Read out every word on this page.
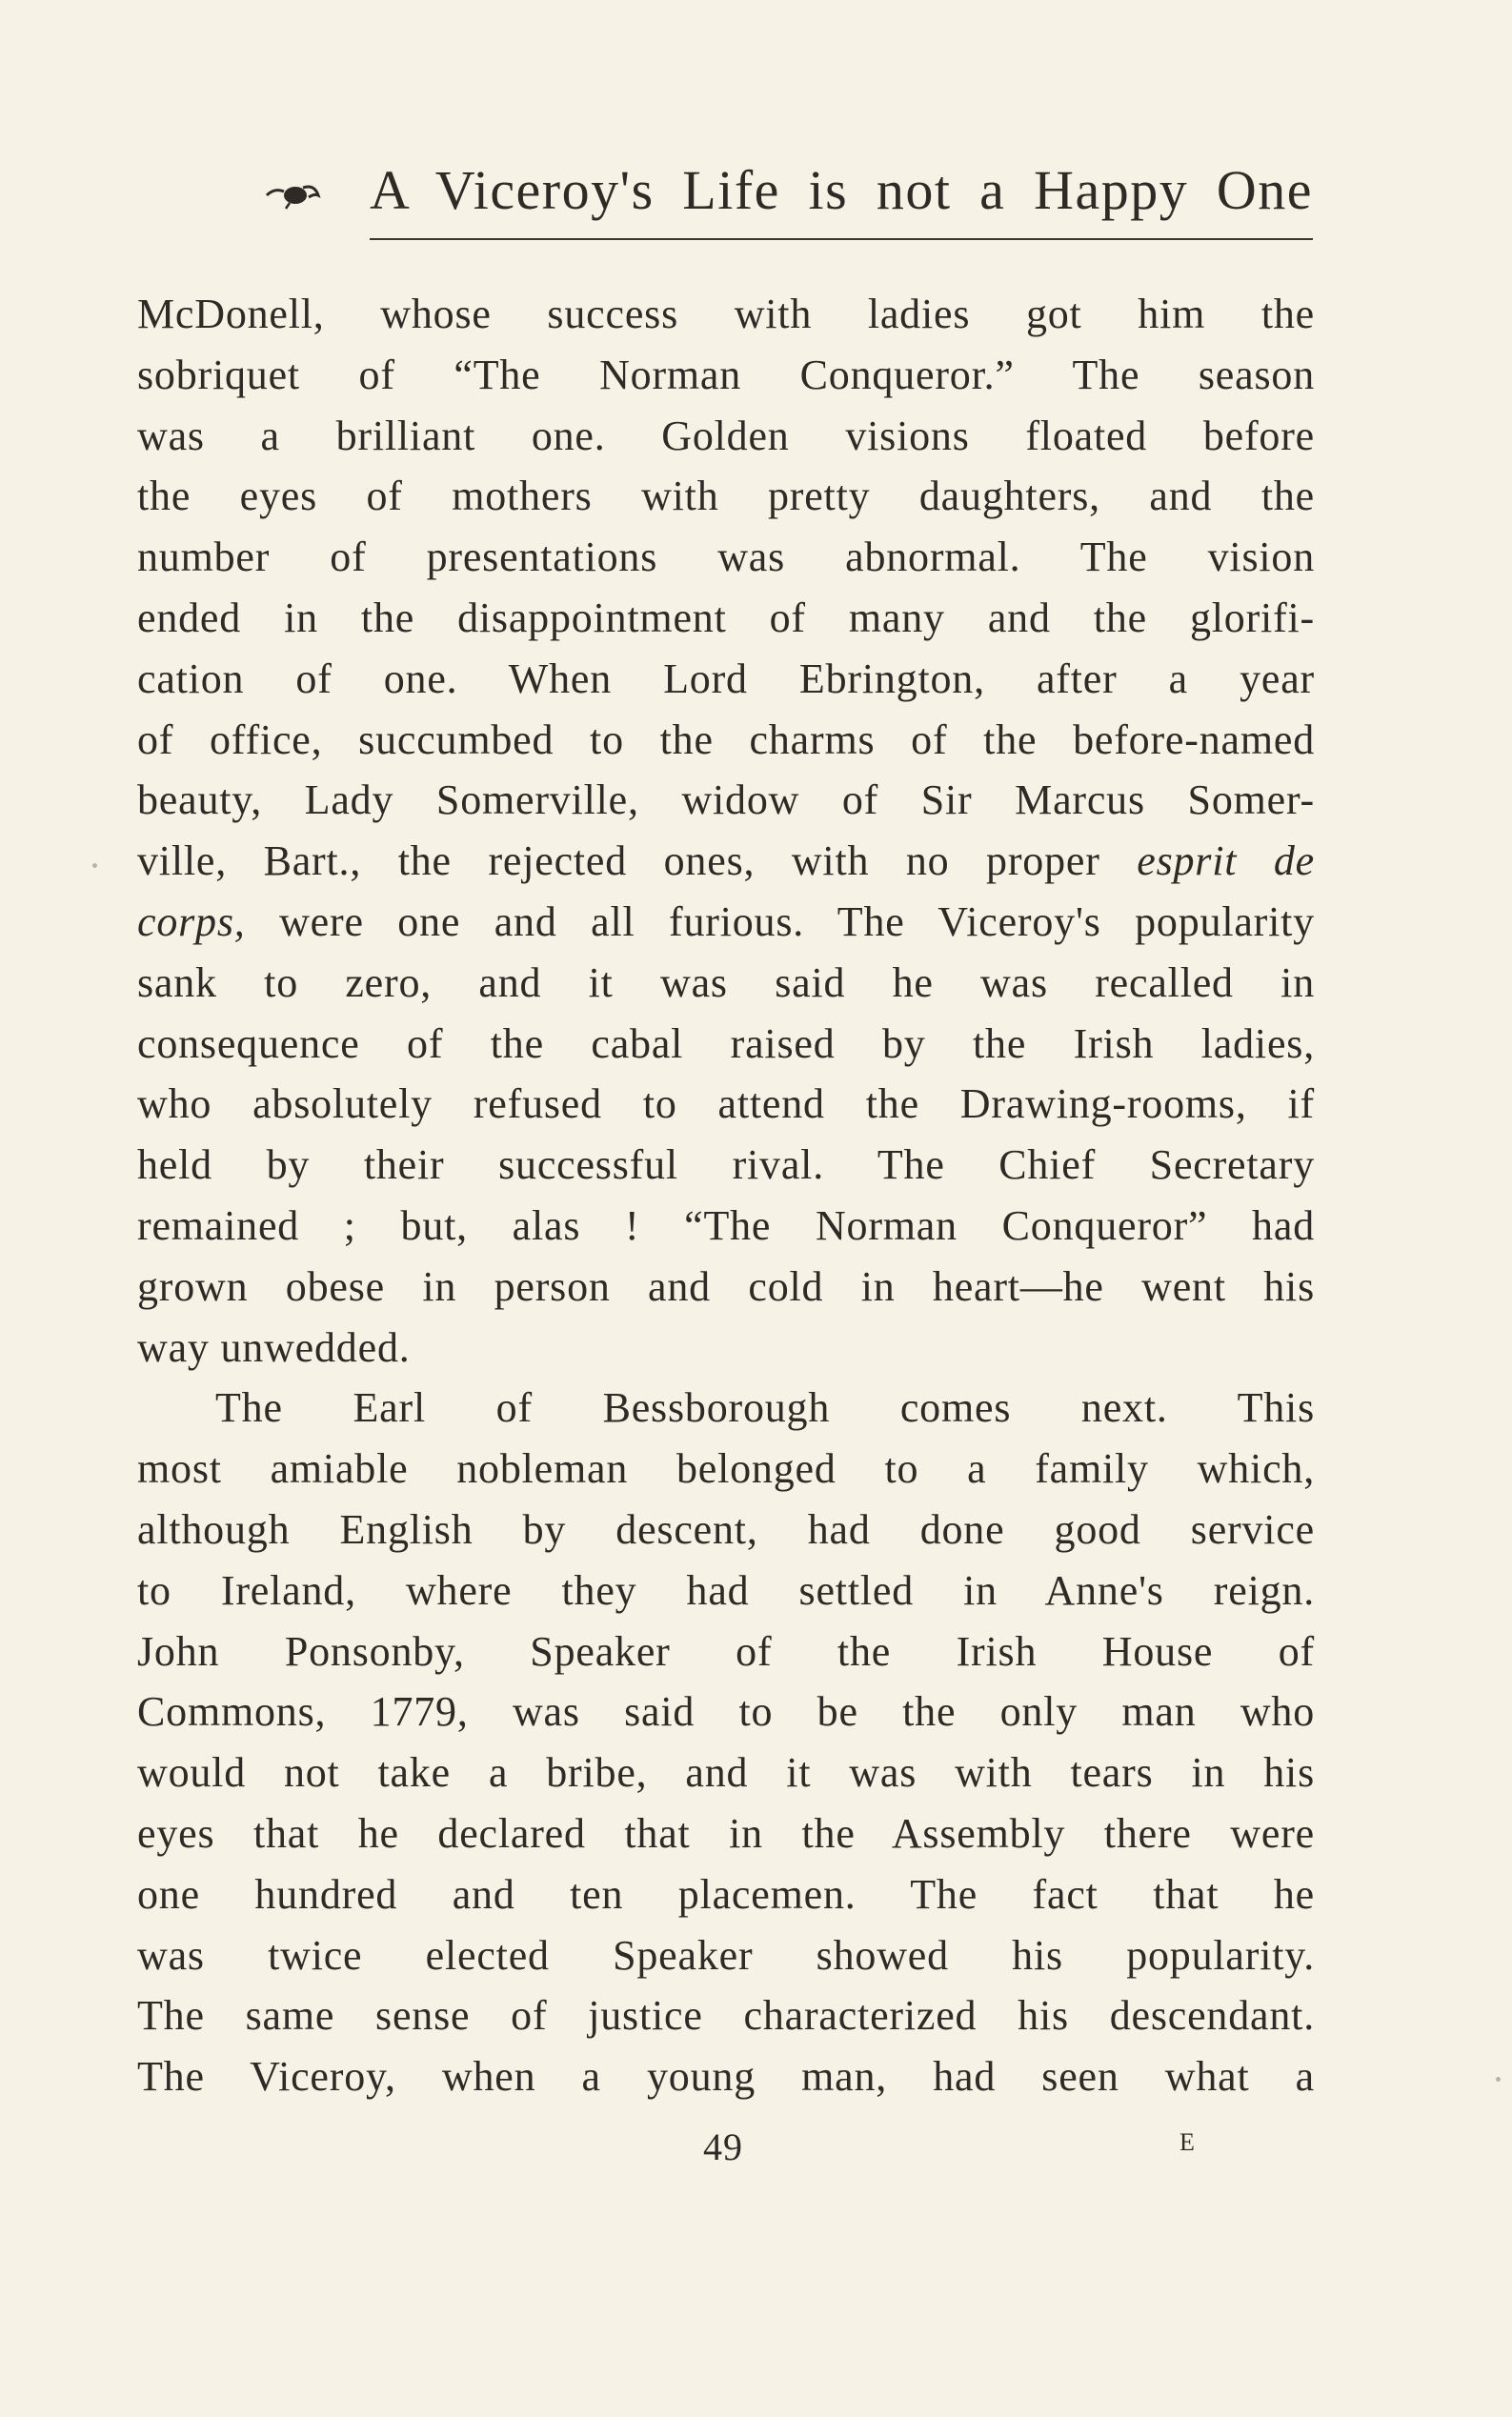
A Viceroy's Life is not a Happy One
McDonell, whose success with ladies got him the
sobriquet of “The Norman Conqueror.” The season
was a brilliant one. Golden visions floated before
the eyes of mothers with pretty daughters, and the
number of presentations was abnormal. The vision
ended in the disappointment of many and the glorifi-
cation of one. When Lord Ebrington, after a year
of office, succumbed to the charms of the before-named
beauty, Lady Somerville, widow of Sir Marcus Somer-
ville, Bart., the rejected ones, with no proper esprit de
corps, were one and all furious. The Viceroy's popularity
sank to zero, and it was said he was recalled in
consequence of the cabal raised by the Irish ladies,
who absolutely refused to attend the Drawing-rooms, if
held by their successful rival. The Chief Secretary
remained ; but, alas ! “The Norman Conqueror” had
grown obese in person and cold in heart—he went his
way unwedded.
The Earl of Bessborough comes next. This
most amiable nobleman belonged to a family which,
although English by descent, had done good service
to Ireland, where they had settled in Anne's reign.
John Ponsonby, Speaker of the Irish House of
Commons, 1779, was said to be the only man who
would not take a bribe, and it was with tears in his
eyes that he declared that in the Assembly there were
one hundred and ten placemen. The fact that he
was twice elected Speaker showed his popularity.
The same sense of justice characterized his descendant.
The Viceroy, when a young man, had seen what a
49	E
